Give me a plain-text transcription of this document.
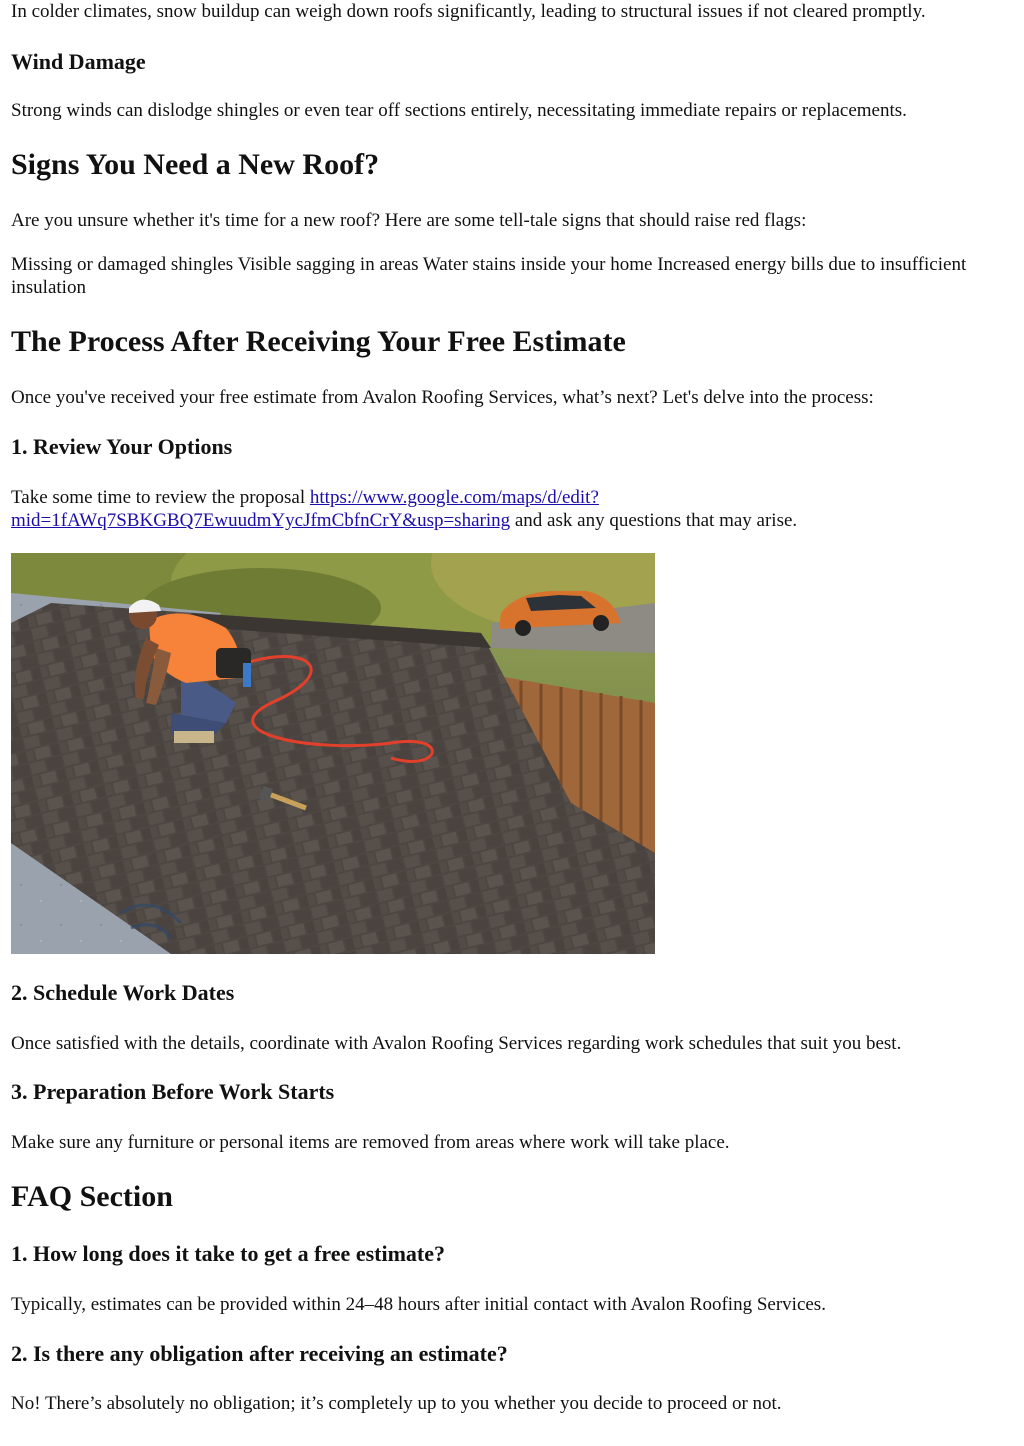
In colder climates, snow buildup can weigh down roofs significantly, leading to structural issues if not cleared promptly.

Wind Damage

Strong winds can dislodge shingles or even tear off sections entirely, necessitating immediate repairs or replacements.

Signs You Need a New Roof?

Are you unsure whether it's time for a new roof? Here are some tell-tale signs that should raise red flags:

Missing or damaged shingles Visible sagging in areas Water stains inside your home Increased energy bills due to insufficient insulation

The Process After Receiving Your Free Estimate

Once you've received your free estimate from Avalon Roofing Services, what’s next? Let's delve into the process:

1. Review Your Options

Take some time to review the proposal https://www.google.com/maps/d/edit?
mid=1fAWq7SBKGBQ7EwuudmYycJfmCbfnCrY&usp=sharing and ask any questions that may arise.

2. Schedule Work Dates

Once satisfied with the details, coordinate with Avalon Roofing Services regarding work schedules that suit you best.

3. Preparation Before Work Starts

Make sure any furniture or personal items are removed from areas where work will take place.

FAQ Section
1. How long does it take to get a free estimate?

Typically, estimates can be provided within 24–48 hours after initial contact with Avalon Roofing Services.

2. Is there any obligation after receiving an estimate?

No! There’s absolutely no obligation; it’s completely up to you whether you decide to proceed or not.
